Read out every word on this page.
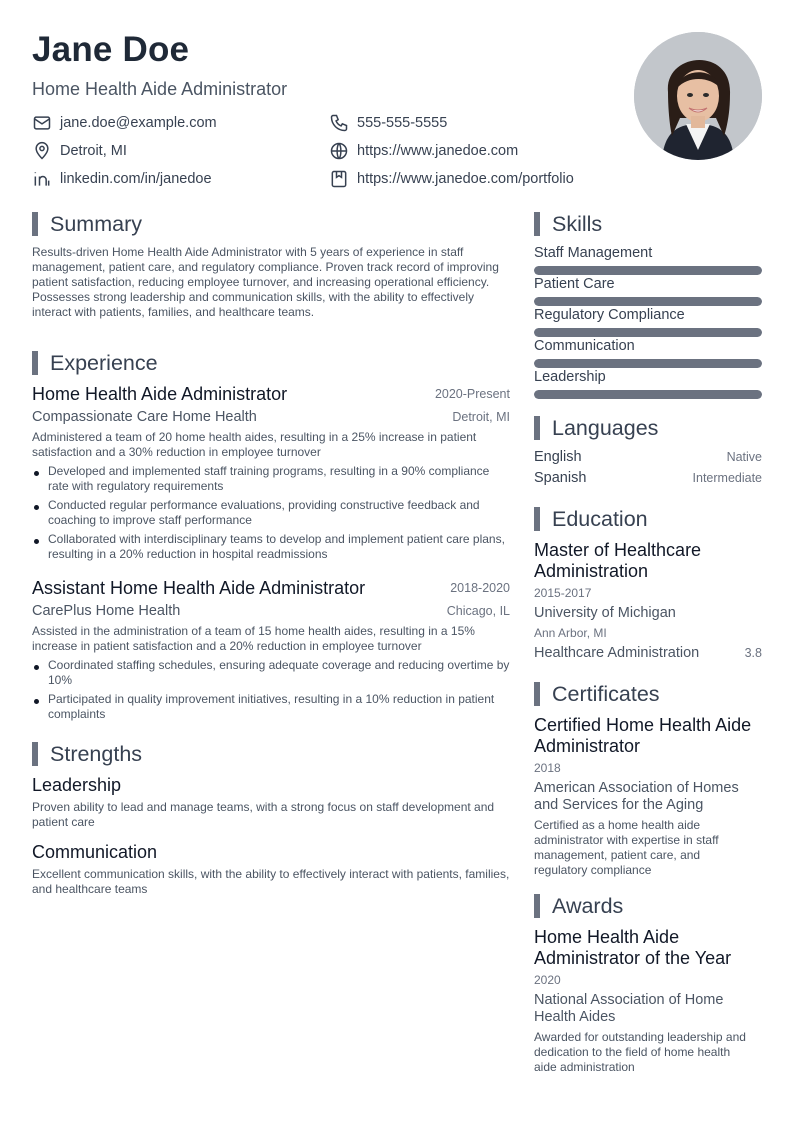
Jane Doe
Home Health Aide Administrator
jane.doe@example.com	555-555-5555
Detroit, MI	https://www.janedoe.com
linkedin.com/in/janedoe	https://www.janedoe.com/portfolio
Summary
Results-driven Home Health Aide Administrator with 5 years of experience in staff management, patient care, and regulatory compliance. Proven track record of improving patient satisfaction, reducing employee turnover, and increasing operational efficiency. Possesses strong leadership and communication skills, with the ability to effectively interact with patients, families, and healthcare teams.
Experience
Home Health Aide Administrator	2020-Present
Compassionate Care Home Health	Detroit, MI
Administered a team of 20 home health aides, resulting in a 25% increase in patient satisfaction and a 30% reduction in employee turnover
Developed and implemented staff training programs, resulting in a 90% compliance rate with regulatory requirements
Conducted regular performance evaluations, providing constructive feedback and coaching to improve staff performance
Collaborated with interdisciplinary teams to develop and implement patient care plans, resulting in a 20% reduction in hospital readmissions
Assistant Home Health Aide Administrator	2018-2020
CarePlus Home Health	Chicago, IL
Assisted in the administration of a team of 15 home health aides, resulting in a 15% increase in patient satisfaction and a 20% reduction in employee turnover
Coordinated staffing schedules, ensuring adequate coverage and reducing overtime by 10%
Participated in quality improvement initiatives, resulting in a 10% reduction in patient complaints
Strengths
Leadership
Proven ability to lead and manage teams, with a strong focus on staff development and patient care
Communication
Excellent communication skills, with the ability to effectively interact with patients, families, and healthcare teams
Skills
Staff Management
Patient Care
Regulatory Compliance
Communication
Leadership
Languages
English	Native
Spanish	Intermediate
Education
Master of Healthcare Administration
2015-2017
University of Michigan
Ann Arbor, MI
Healthcare Administration	3.8
Certificates
Certified Home Health Aide Administrator
2018
American Association of Homes and Services for the Aging
Certified as a home health aide administrator with expertise in staff management, patient care, and regulatory compliance
Awards
Home Health Aide Administrator of the Year
2020
National Association of Home Health Aides
Awarded for outstanding leadership and dedication to the field of home health aide administration
